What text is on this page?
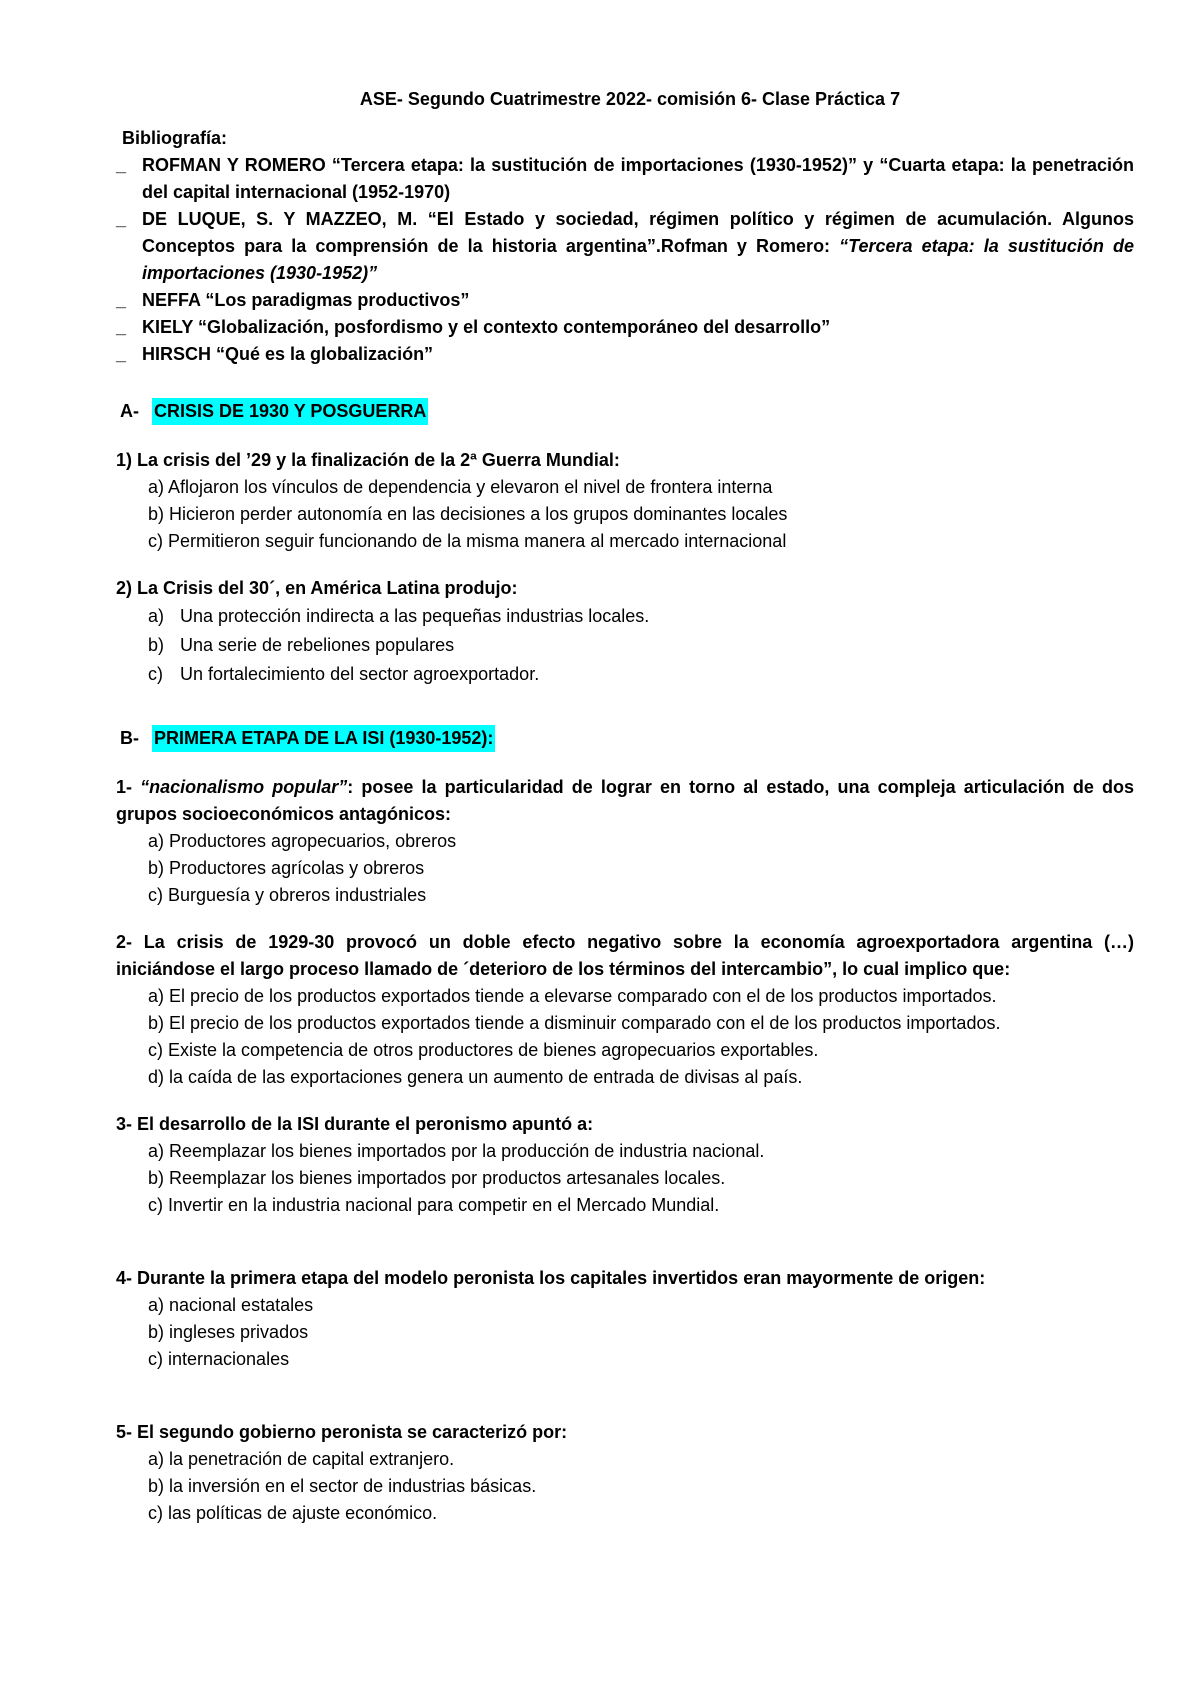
ASE- Segundo Cuatrimestre 2022- comisión 6- Clase Práctica 7
Bibliografía:
_ ROFMAN Y ROMERO “Tercera etapa: la sustitución de importaciones (1930-1952)” y “Cuarta etapa: la penetración del capital internacional (1952-1970)
_ DE LUQUE, S. Y MAZZEO, M. “El Estado y sociedad, régimen político y régimen de acumulación. Algunos Conceptos para la comprensión de la historia argentina”.Rofman y Romero: “Tercera etapa: la sustitución de importaciones (1930-1952)”
_ NEFFA “Los paradigmas productivos”
_ KIELY “Globalización, posfordismo y el contexto contemporáneo del desarrollo”
_ HIRSCH “Qué es la globalización”
A- CRISIS DE 1930 Y POSGUERRA

1) La crisis del ’29 y la finalización de la 2ª Guerra Mundial:

a) Aflojaron los vínculos de dependencia y elevaron el nivel de frontera interna
b) Hicieron perder autonomía en las decisiones a los grupos dominantes locales
c) Permitieron seguir funcionando de la misma manera al mercado internacional

2) La Crisis del 30´, en América Latina produjo:

a) Una protección indirecta a las pequeñas industrias locales.
b) Una serie de rebeliones populares
c) Un fortalecimiento del sector agroexportador.
B- PRIMERA ETAPA DE LA ISI (1930-1952):

1- “nacionalismo popular”: posee la particularidad de lograr en torno al estado, una compleja articulación de dos grupos socioeconómicos antagónicos:

a) Productores agropecuarios, obreros
b) Productores agrícolas y obreros
c) Burguesía y obreros industriales

2- La crisis de 1929-30 provocó un doble efecto negativo sobre la economía agroexportadora argentina (…) iniciándose el largo proceso llamado de ´deterioro de los términos del intercambio”, lo cual implico que:

a) El precio de los productos exportados tiende a elevarse comparado con el de los productos importados.
b) El precio de los productos exportados tiende a disminuir comparado con el de los productos importados.
c) Existe la competencia de otros productores de bienes agropecuarios exportables.
d) la caída de las exportaciones genera un aumento de entrada de divisas al país.

3- El desarrollo de la ISI durante el peronismo apuntó a:

a) Reemplazar los bienes importados por la producción de industria nacional.
b) Reemplazar los bienes importados por productos artesanales locales.
c) Invertir en la industria nacional para competir en el Mercado Mundial.

4- Durante la primera etapa del modelo peronista los capitales invertidos eran mayormente de origen:

a) nacional estatales
b) ingleses privados
c) internacionales

5- El segundo gobierno peronista se caracterizó por:

a) la penetración de capital extranjero.
b) la inversión en el sector de industrias básicas.
c) las políticas de ajuste económico.
